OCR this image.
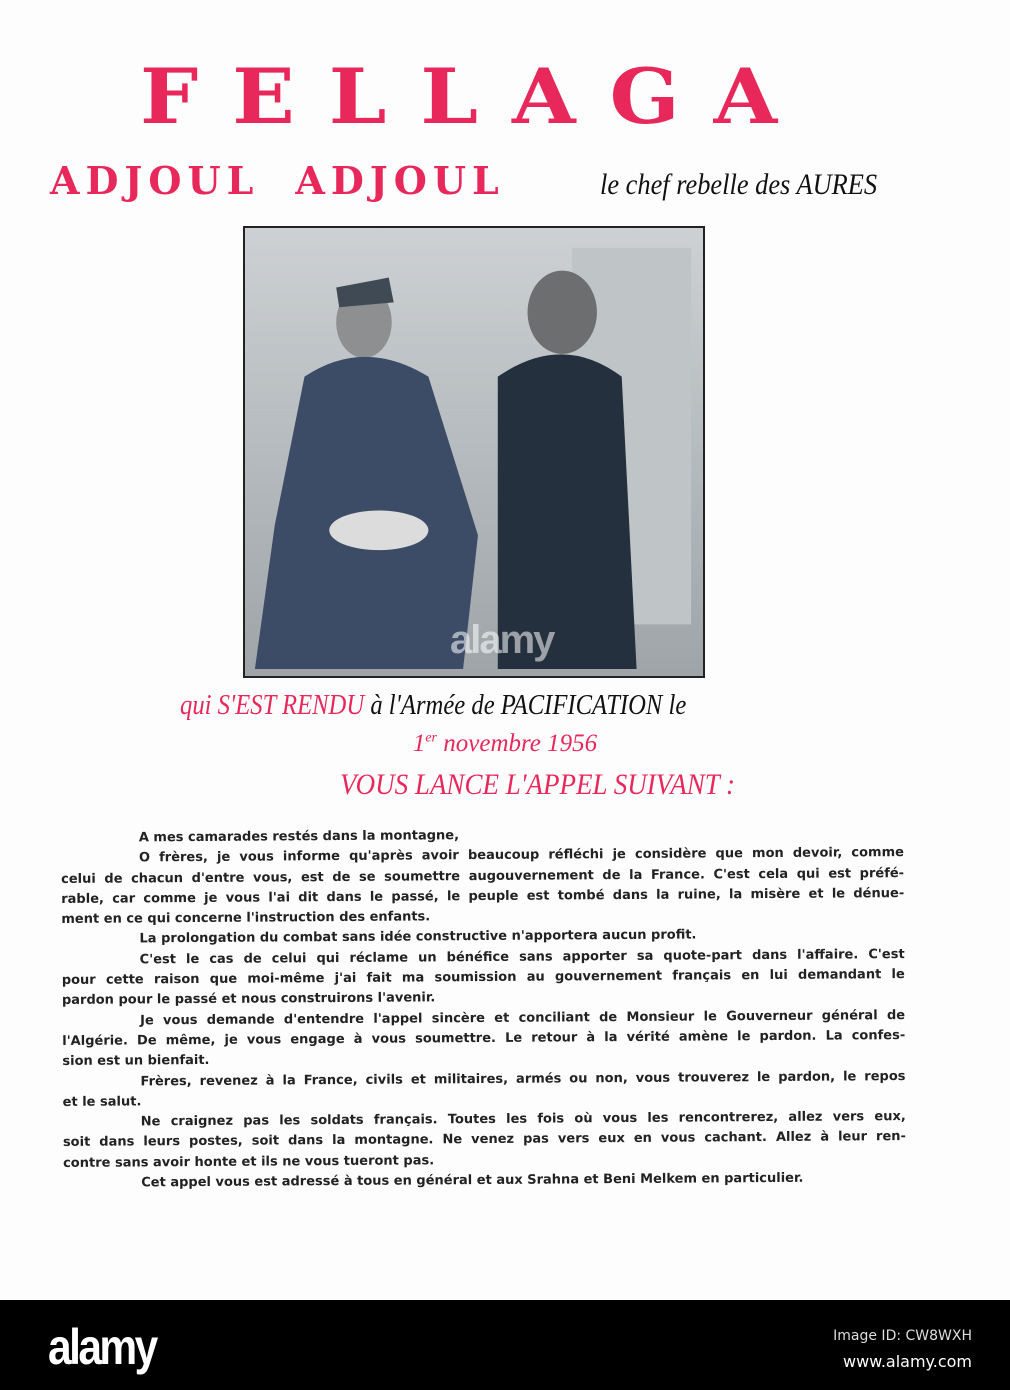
FELLAGA
ADJOUL ADJOUL	le chef rebelle des AURES
alamy
qui S'EST RENDU à l'Armée de PACIFICATION le
1er novembre 1956
VOUS LANCE L'APPEL SUIVANT :
A mes camarades restés dans la montagne,
O frères, je vous informe qu'après avoir beaucoup réfléchi je considère que mon devoir, comme
celui de chacun d'entre vous, est de se soumettre augouvernement de la France. C'est cela qui est préfé-
rable, car comme je vous l'ai dit dans le passé, le peuple est tombé dans la ruine, la misère et le dénue-
ment en ce qui concerne l'instruction des enfants.
La prolongation du combat sans idée constructive n'apportera aucun profit.
C'est le cas de celui qui réclame un bénéfice sans apporter sa quote-part dans l'affaire. C'est
pour cette raison que moi-même j'ai fait ma soumission au gouvernement français en lui demandant le
pardon pour le passé et nous construirons l'avenir.
Je vous demande d'entendre l'appel sincère et conciliant de Monsieur le Gouverneur général de
l'Algérie. De même, je vous engage à vous soumettre. Le retour à la vérité amène le pardon. La confes-
sion est un bienfait.
Frères, revenez à la France, civils et militaires, armés ou non, vous trouverez le pardon, le repos
et le salut.
Ne craignez pas les soldats français. Toutes les fois où vous les rencontrerez, allez vers eux,
soit dans leurs postes, soit dans la montagne. Ne venez pas vers eux en vous cachant. Allez à leur ren-
contre sans avoir honte et ils ne vous tueront pas.
Cet appel vous est adressé à tous en général et aux Srahna et Beni Melkem en particulier.
alamy	Image ID: CW8WXH
www.alamy.com
